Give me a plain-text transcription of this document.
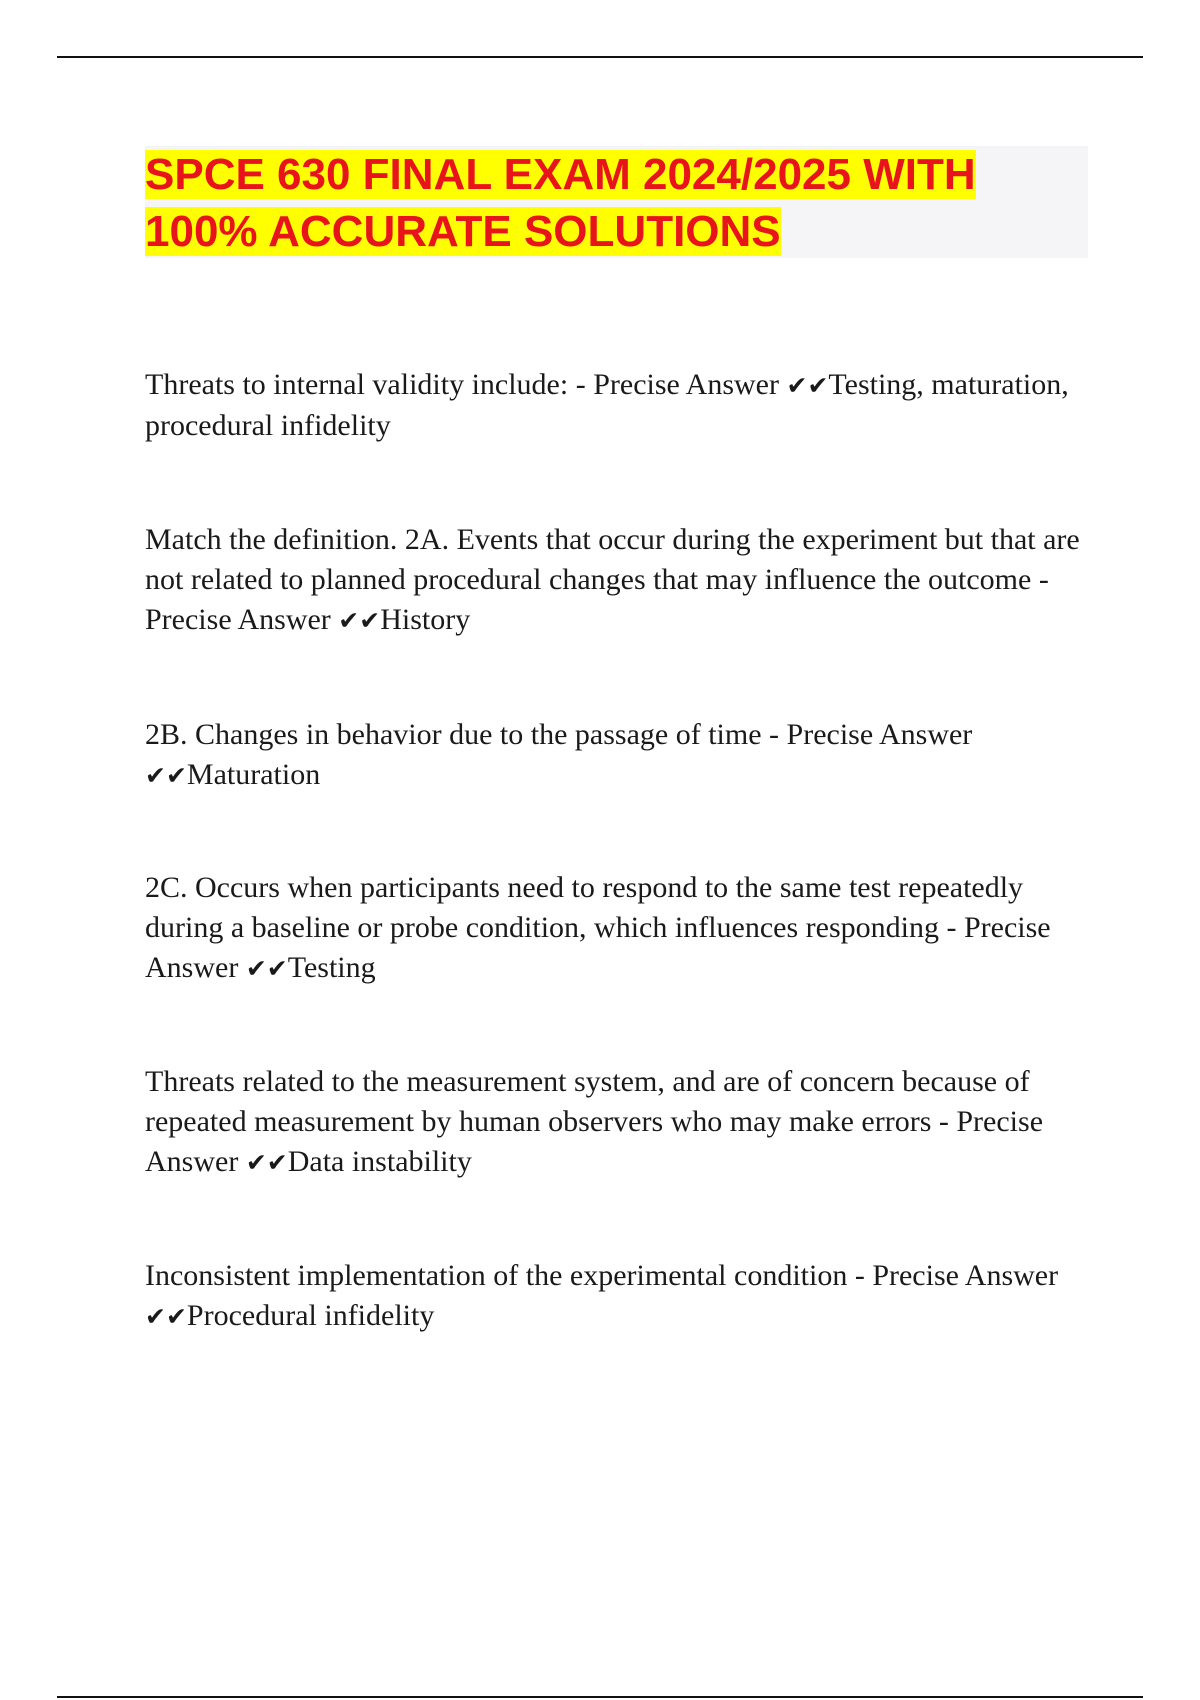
SPCE 630 FINAL EXAM 2024/2025 WITH
100% ACCURATE SOLUTIONS

Threats to internal validity include: - Precise Answer ✔✔Testing, maturation, procedural infidelity

Match the definition. 2A. Events that occur during the experiment but that are not related to planned procedural changes that may influence the outcome - Precise Answer ✔✔History

2B. Changes in behavior due to the passage of time - Precise Answer ✔✔Maturation

2C. Occurs when participants need to respond to the same test repeatedly during a baseline or probe condition, which influences responding - Precise Answer ✔✔Testing

Threats related to the measurement system, and are of concern because of repeated measurement by human observers who may make errors - Precise Answer ✔✔Data instability

Inconsistent implementation of the experimental condition - Precise Answer ✔✔Procedural infidelity
